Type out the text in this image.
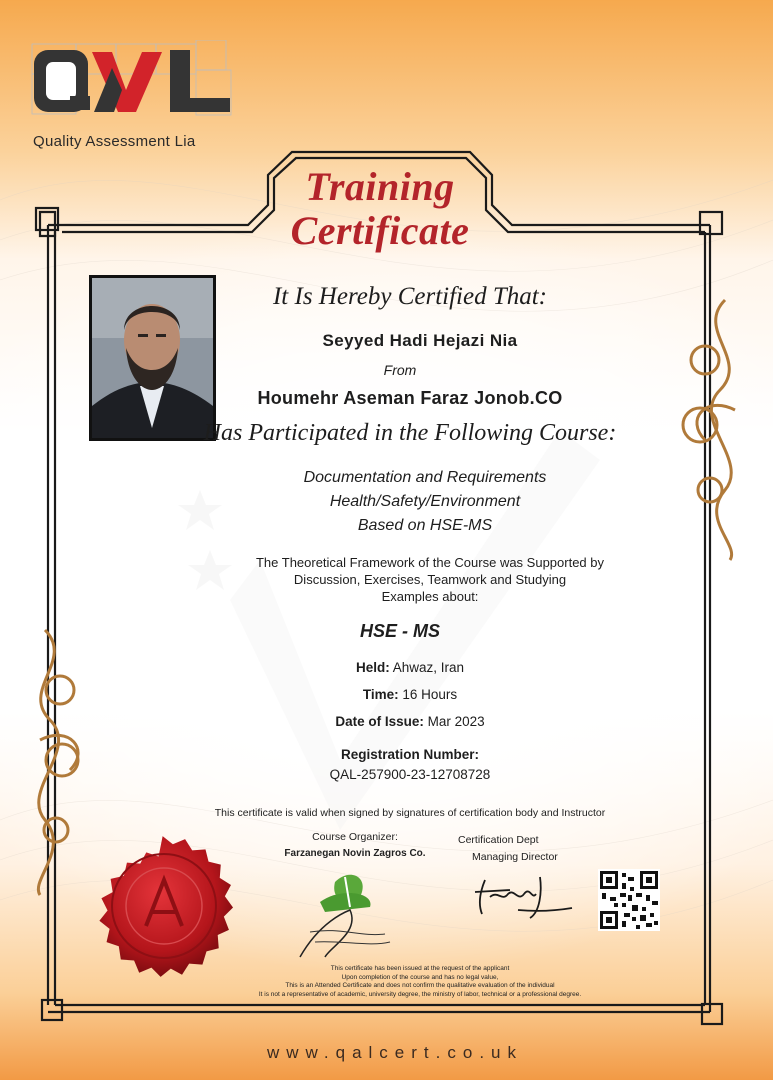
Quality Assessment Lia
Training
Certificate
It Is Hereby Certified That:
Seyyed Hadi Hejazi Nia
From
Houmehr Aseman Faraz Jonob.CO
Has Participated in the Following Course:
Documentation and Requirements
Health/Safety/Environment
Based on HSE-MS
The Theoretical Framework of the Course was Supported by
Discussion, Exercises, Teamwork and Studying
Examples about:
HSE - MS
Held: Ahwaz, Iran
Time: 16 Hours
Date of Issue: Mar 2023
Registration Number:
QAL-257900-23-12708728
This certificate is valid when signed by signatures of certification body and Instructor
Course Organizer:
Farzanegan Novin Zagros Co.
Certification Dept
Managing Director
This certificate has been issued at the request of the applicant
Upon completion of the course and has no legal value,
This is an Attended Certificate and does not confirm the qualitative evaluation of the individual
It is not a representative of academic, university degree, the ministry of labor, technical or a professional degree.
www.qalcert.co.uk
